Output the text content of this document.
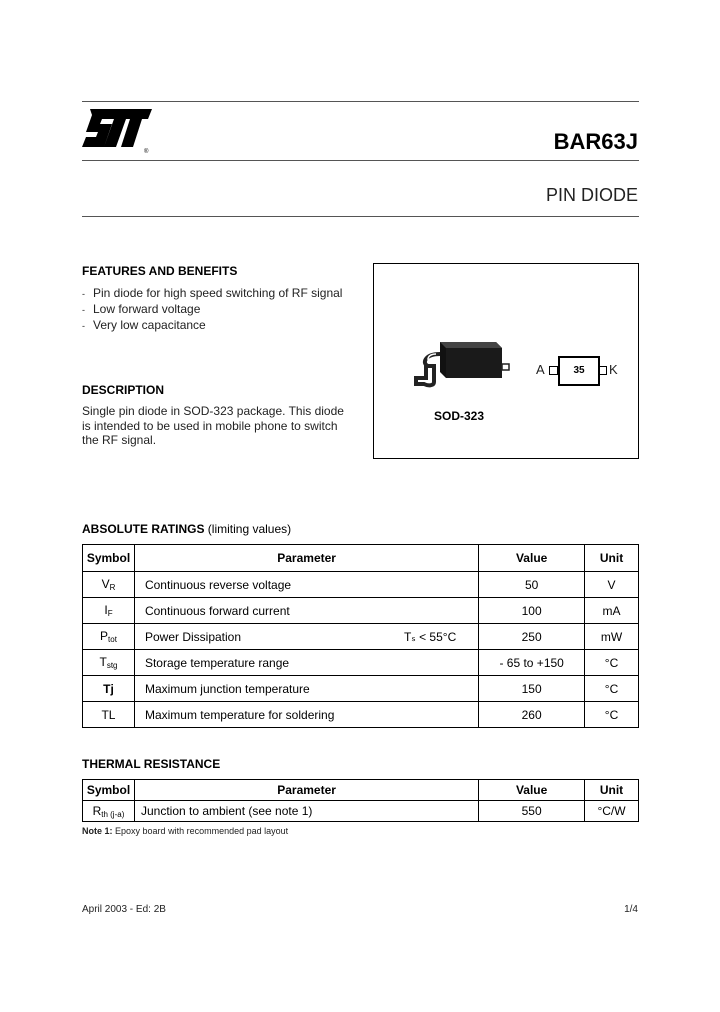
®	BAR63J
PIN DIODE
FEATURES AND BENEFITS
- Pin diode for high speed switching of RF signal
- Low forward voltage
- Very low capacitance
DESCRIPTION
Single pin diode in SOD-323 package. This diode is intended to be used in mobile phone to switch the RF signal.
SOD-323
A	35	K
ABSOLUTE RATINGS (limiting values)
Symbol	Parameter	Value	Unit
$V_R$	Continuous reverse voltage	50	V
$I_F$	Continuous forward current	100	mA
$P_{tot}$	Power Dissipation Tₛ < 55°C	250	mW
$T_{stg}$	Storage temperature range	- 65 to +150	°C
Tj	Maximum junction temperature	150	°C
TL	Maximum temperature for soldering	260	°C
THERMAL RESISTANCE
Symbol	Parameter	Value	Unit
$R_{th (j-a)}$	Junction to ambient (see note 1)	550	°C/W
Note 1: Epoxy board with recommended pad layout
April 2003 - Ed: 2B	1/4
